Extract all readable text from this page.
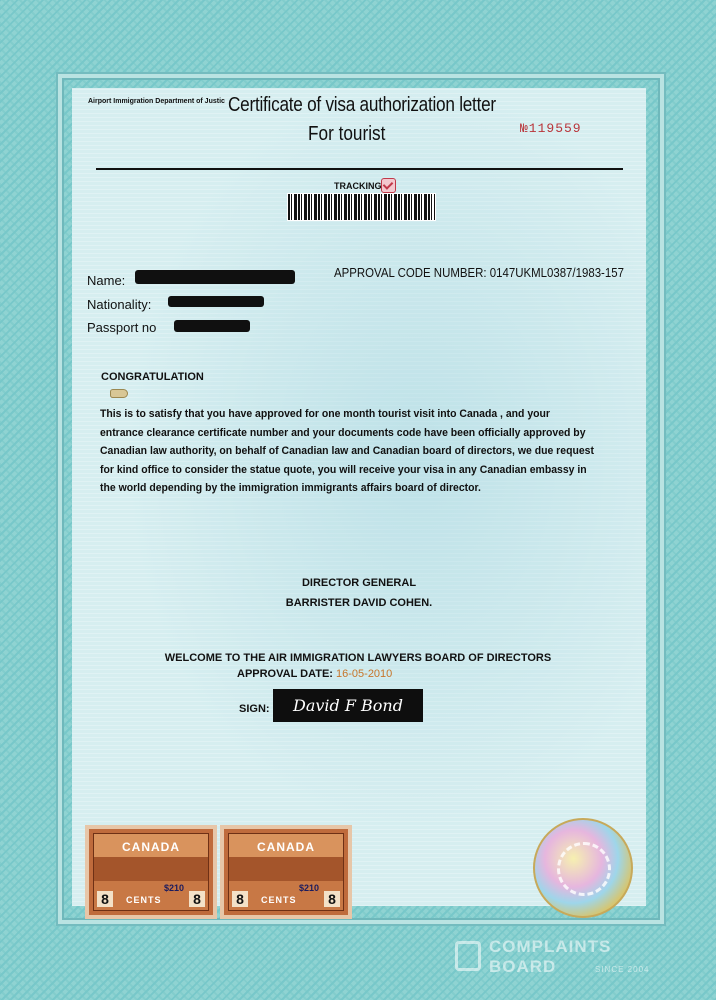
Airport Immigration Department of Justic Certificate of visa authorization letter
For tourist	№119559
TRACKING
Name:
Nationality:
Passport no
APPROVAL CODE NUMBER: 0147UKML0387/1983-157
CONGRATULATION
This is to satisfy that you have approved for one month tourist visit into Canada , and your entrance clearance certificate number and your documents code have been officially approved by Canadian law authority, on behalf of Canadian law and Canadian board of directors, we due request for kind office to consider the statue quote, you will receive your visa in any Canadian embassy in the world depending by the immigration immigrants affairs board of director.
DIRECTOR GENERAL
BARRISTER DAVID COHEN.
WELCOME TO THE AIR IMMIGRATION LAWYERS BOARD OF DIRECTORS
APPROVAL DATE: 16-05-2010
SIGN:	David F Bond
CANADA
$210
8	CENTS 8
CANADA
$210
8	CENTS 8
COMPLAINTS
BOARD	SINCE 2004
